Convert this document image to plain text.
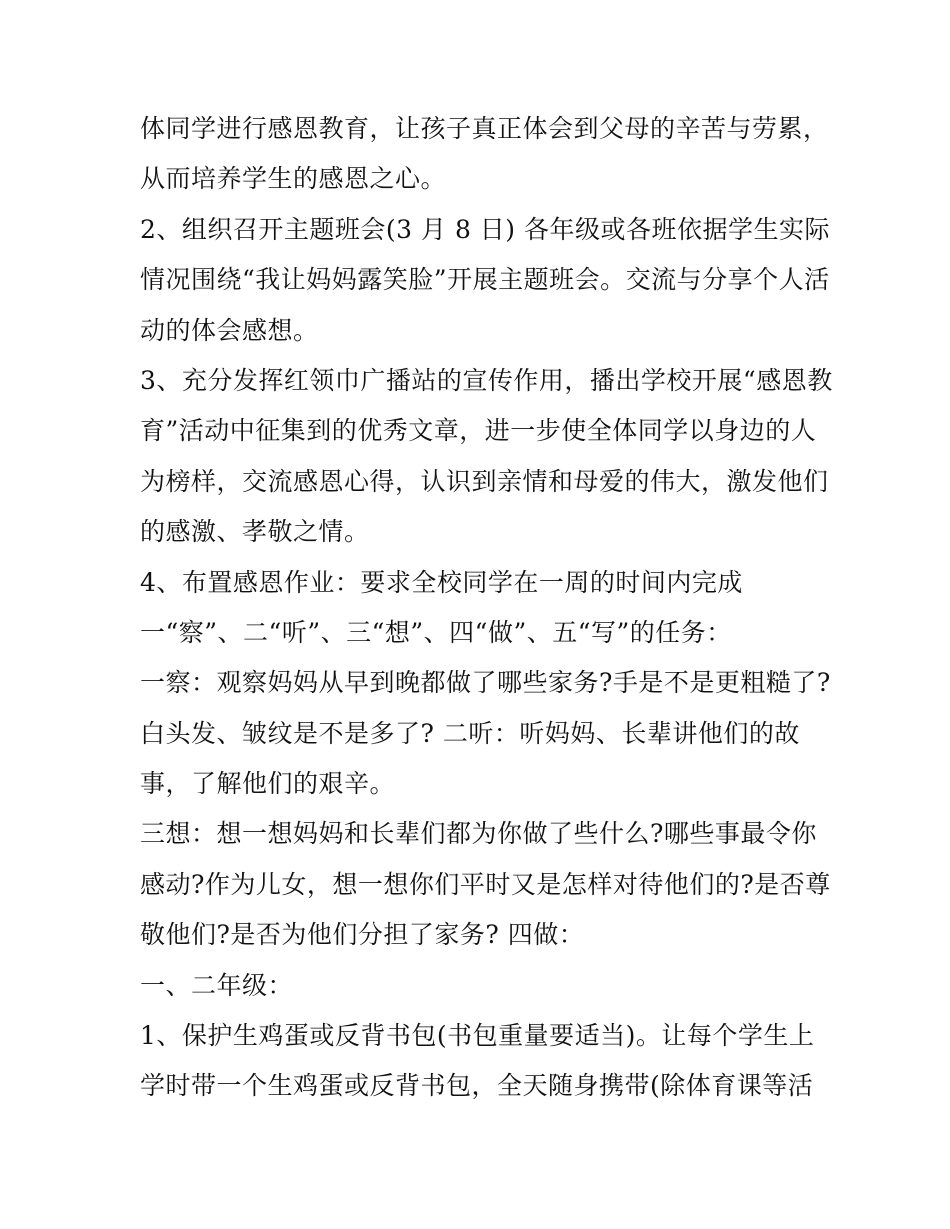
体同学进行感恩教育，让孩子真正体会到父母的辛苦与劳累，
从而培养学生的感恩之心。
2、组织召开主题班会(3 月 8 日) 各年级或各班依据学生实际
情况围绕“我让妈妈露笑脸”开展主题班会。交流与分享个人活
动的体会感想。
3、充分发挥红领巾广播站的宣传作用，播出学校开展“感恩教
育”活动中征集到的优秀文章，进一步使全体同学以身边的人
为榜样，交流感恩心得，认识到亲情和母爱的伟大，激发他们
的感激、孝敬之情。
4、布置感恩作业：要求全校同学在一周的时间内完成
一“察”、二“听”、三“想”、四“做”、五“写”的任务：
一察：观察妈妈从早到晚都做了哪些家务?手是不是更粗糙了?
白头发、皱纹是不是多了? 二听：听妈妈、长辈讲他们的故
事，了解他们的艰辛。
三想：想一想妈妈和长辈们都为你做了些什么?哪些事最令你
感动?作为儿女，想一想你们平时又是怎样对待他们的?是否尊
敬他们?是否为他们分担了家务? 四做：
一、二年级：
1、保护生鸡蛋或反背书包(书包重量要适当)。让每个学生上
学时带一个生鸡蛋或反背书包，全天随身携带(除体育课等活
